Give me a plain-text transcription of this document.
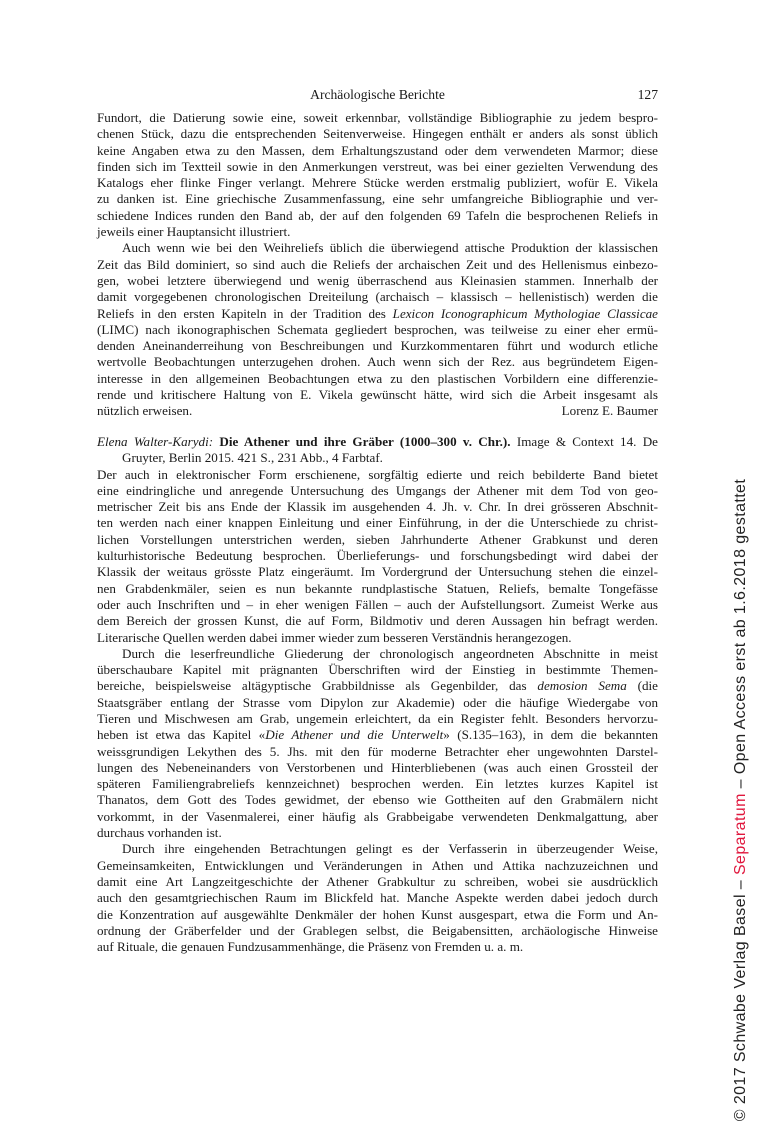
Archäologische Berichte	127
Fundort, die Datierung sowie eine, soweit erkennbar, vollständige Bibliographie zu jedem bespro-
chenen Stück, dazu die entsprechenden Seitenverweise. Hingegen enthält er anders als sonst üblich
keine Angaben etwa zu den Massen, dem Erhaltungszustand oder dem verwendeten Marmor; diese
finden sich im Textteil sowie in den Anmerkungen verstreut, was bei einer gezielten Verwendung des
Katalogs eher flinke Finger verlangt. Mehrere Stücke werden erstmalig publiziert, wofür E. Vikela
zu danken ist. Eine griechische Zusammenfassung, eine sehr umfangreiche Bibliographie und ver-
schiedene Indices runden den Band ab, der auf den folgenden 69 Tafeln die besprochenen Reliefs in
jeweils einer Hauptansicht illustriert.
Auch wenn wie bei den Weihreliefs üblich die überwiegend attische Produktion der klassischen
Zeit das Bild dominiert, so sind auch die Reliefs der archaischen Zeit und des Hellenismus einbezo-
gen, wobei letztere überwiegend und wenig überraschend aus Kleinasien stammen. Innerhalb der
damit vorgegebenen chronologischen Dreiteilung (archaisch – klassisch – hellenistisch) werden die
Reliefs in den ersten Kapiteln in der Tradition des Lexicon Iconographicum Mythologiae Classicae
(LIMC) nach ikonographischen Schemata gegliedert besprochen, was teilweise zu einer eher ermü-
denden Aneinanderreihung von Beschreibungen und Kurzkommentaren führt und wodurch etliche
wertvolle Beobachtungen unterzugehen drohen. Auch wenn sich der Rez. aus begründetem Eigen-
interesse in den allgemeinen Beobachtungen etwa zu den plastischen Vorbildern eine differenzie-
rende und kritischere Haltung von E. Vikela gewünscht hätte, wird sich die Arbeit insgesamt als
nützlich erweisen.	Lorenz E. Baumer
Elena Walter-Karydi: Die Athener und ihre Gräber (1000–300 v. Chr.). Image & Context 14. De
Gruyter, Berlin 2015. 421 S., 231 Abb., 4 Farbtaf.
Der auch in elektronischer Form erschienene, sorgfältig edierte und reich bebilderte Band bietet
eine eindringliche und anregende Untersuchung des Umgangs der Athener mit dem Tod von geo-
metrischer Zeit bis ans Ende der Klassik im ausgehenden 4. Jh. v. Chr. In drei grösseren Abschnit-
ten werden nach einer knappen Einleitung und einer Einführung, in der die Unterschiede zu christ-
lichen Vorstellungen unterstrichen werden, sieben Jahrhunderte Athener Grabkunst und deren
kulturhistorische Bedeutung besprochen. Überlieferungs- und forschungsbedingt wird dabei der
Klassik der weitaus grösste Platz eingeräumt. Im Vordergrund der Untersuchung stehen die einzel-
nen Grabdenkmäler, seien es nun bekannte rundplastische Statuen, Reliefs, bemalte Tongefässe
oder auch Inschriften und – in eher wenigen Fällen – auch der Aufstellungsort. Zumeist Werke aus
dem Bereich der grossen Kunst, die auf Form, Bildmotiv und deren Aussagen hin befragt werden.
Literarische Quellen werden dabei immer wieder zum besseren Verständnis herangezogen.
Durch die leserfreundliche Gliederung der chronologisch angeordneten Abschnitte in meist
überschaubare Kapitel mit prägnanten Überschriften wird der Einstieg in bestimmte Themen-
bereiche, beispielsweise altägyptische Grabbildnisse als Gegenbilder, das demosion Sema (die
Staatsgräber entlang der Strasse vom Dipylon zur Akademie) oder die häufige Wiedergabe von
Tieren und Mischwesen am Grab, ungemein erleichtert, da ein Register fehlt. Besonders hervorzu-
heben ist etwa das Kapitel «Die Athener und die Unterwelt» (S.135–163), in dem die bekannten
weissgrundigen Lekythen des 5. Jhs. mit den für moderne Betrachter eher ungewohnten Darstel-
lungen des Nebeneinanders von Verstorbenen und Hinterbliebenen (was auch einen Grossteil der
späteren Familiengrabreliefs kennzeichnet) besprochen werden. Ein letztes kurzes Kapitel ist
Thanatos, dem Gott des Todes gewidmet, der ebenso wie Gottheiten auf den Grabmälern nicht
vorkommt, in der Vasenmalerei, einer häufig als Grabbeigabe verwendeten Denkmalgattung, aber
durchaus vorhanden ist.
Durch ihre eingehenden Betrachtungen gelingt es der Verfasserin in überzeugender Weise,
Gemeinsamkeiten, Entwicklungen und Veränderungen in Athen und Attika nachzuzeichnen und
damit eine Art Langzeitgeschichte der Athener Grabkultur zu schreiben, wobei sie ausdrücklich
auch den gesamtgriechischen Raum im Blickfeld hat. Manche Aspekte werden dabei jedoch durch
die Konzentration auf ausgewählte Denkmäler der hohen Kunst ausgespart, etwa die Form und An-
ordnung der Gräberfelder und der Grablegen selbst, die Beigabensitten, archäologische Hinweise
auf Rituale, die genauen Fundzusammenhänge, die Präsenz von Fremden u. a. m.	© 2017 Schwabe Verlag Basel – Separatum – Open Access erst ab 1.6.2018 gestattet
